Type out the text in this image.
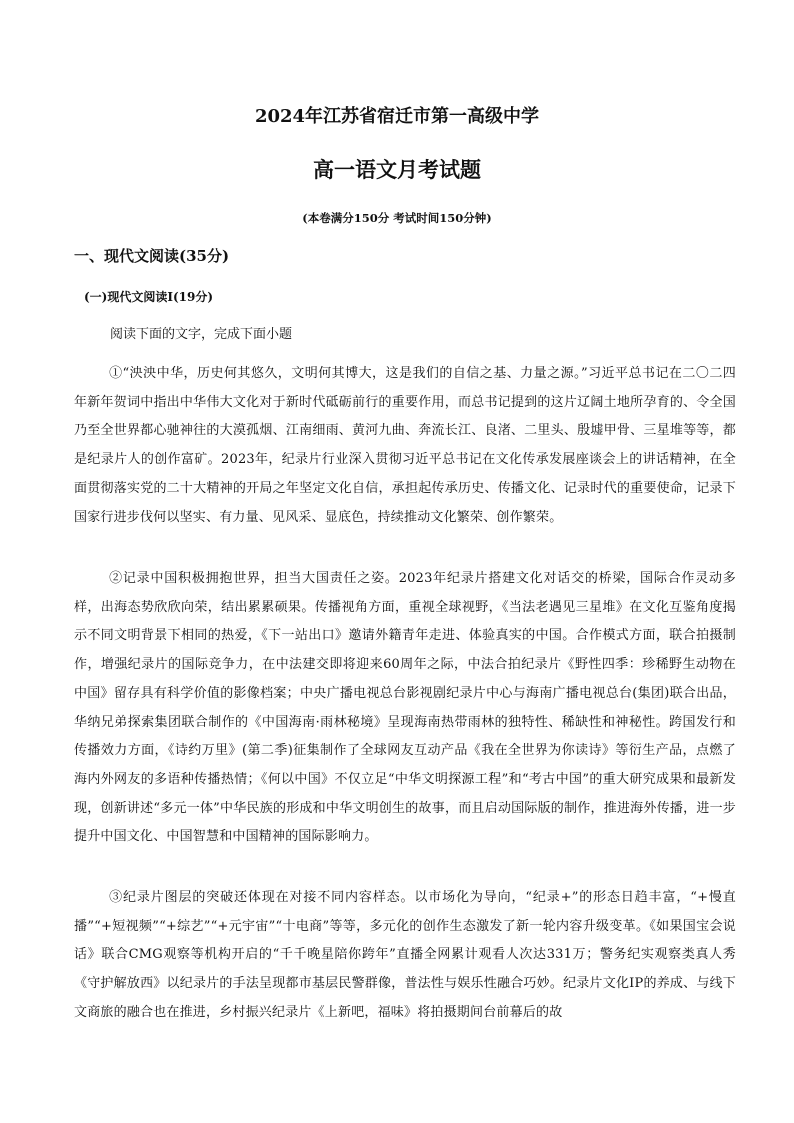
2024年江苏省宿迁市第一高级中学
高一语文月考试题

(本卷满分150分 考试时间150分钟)

一、现代文阅读(35分)
(一)现代文阅读I(19分)

阅读下面的文字，完成下面小题

①“泱泱中华，历史何其悠久，文明何其博大，这是我们的自信之基、力量之源。”习近平总书记在二〇二四年新年贺词中指出中华伟大文化对于新时代砥砺前行的重要作用，而总书记提到的这片辽阔土地所孕育的、令全国乃至全世界都心驰神往的大漠孤烟、江南细雨、黄河九曲、奔流长江、良渚、二里头、殷墟甲骨、三星堆等等，都是纪录片人的创作富矿。2023年，纪录片行业深入贯彻习近平总书记在文化传承发展座谈会上的讲话精神，在全面贯彻落实党的二十大精神的开局之年坚定文化自信，承担起传承历史、传播文化、记录时代的重要使命，记录下国家行进步伐何以坚实、有力量、见风采、显底色，持续推动文化繁荣、创作繁荣。

②记录中国积极拥抱世界，担当大国责任之姿。2023年纪录片搭建文化对话交的桥梁，国际合作灵动多样，出海态势欣欣向荣，结出累累硕果。传播视角方面，重视全球视野，《当法老遇见三星堆》在文化互鉴角度揭示不同文明背景下相同的热爱，《下一站出口》邀请外籍青年走进、体验真实的中国。合作模式方面，联合拍摄制作，增强纪录片的国际竞争力，在中法建交即将迎来60周年之际，中法合拍纪录片《野性四季：珍稀野生动物在中国》留存具有科学价值的影像档案；中央广播电视总台影视剧纪录片中心与海南广播电视总台(集团)联合出品，华纳兄弟探索集团联合制作的《中国海南·雨林秘境》呈现海南热带雨林的独特性、稀缺性和神秘性。跨国发行和传播效力方面，《诗约万里》(第二季)征集制作了全球网友互动产品《我在全世界为你读诗》等衍生产品，点燃了海内外网友的多语种传播热情；《何以中国》不仅立足“中华文明探源工程”和“考古中国”的重大研究成果和最新发现，创新讲述“多元一体”中华民族的形成和中华文明创生的故事，而且启动国际版的制作，推进海外传播，进一步提升中国文化、中国智慧和中国精神的国际影响力。

③纪录片图层的突破还体现在对接不同内容样态。以市场化为导向，“纪录+”的形态日趋丰富，“+慢直播”“+短视频”“+综艺”“+元宇宙”“十电商”等等，多元化的创作生态激发了新一轮内容升级变革。《如果国宝会说话》联合CMG观察等机构开启的“千千晚星陪你跨年”直播全网累计观看人次达331万；警务纪实观察类真人秀《守护解放西》以纪录片的手法呈现都市基层民警群像，普法性与娱乐性融合巧妙。纪录片文化IP的养成、与线下文商旅的融合也在推进，乡村振兴纪录片《上新吧，福味》将拍摄期间台前幕后的故
